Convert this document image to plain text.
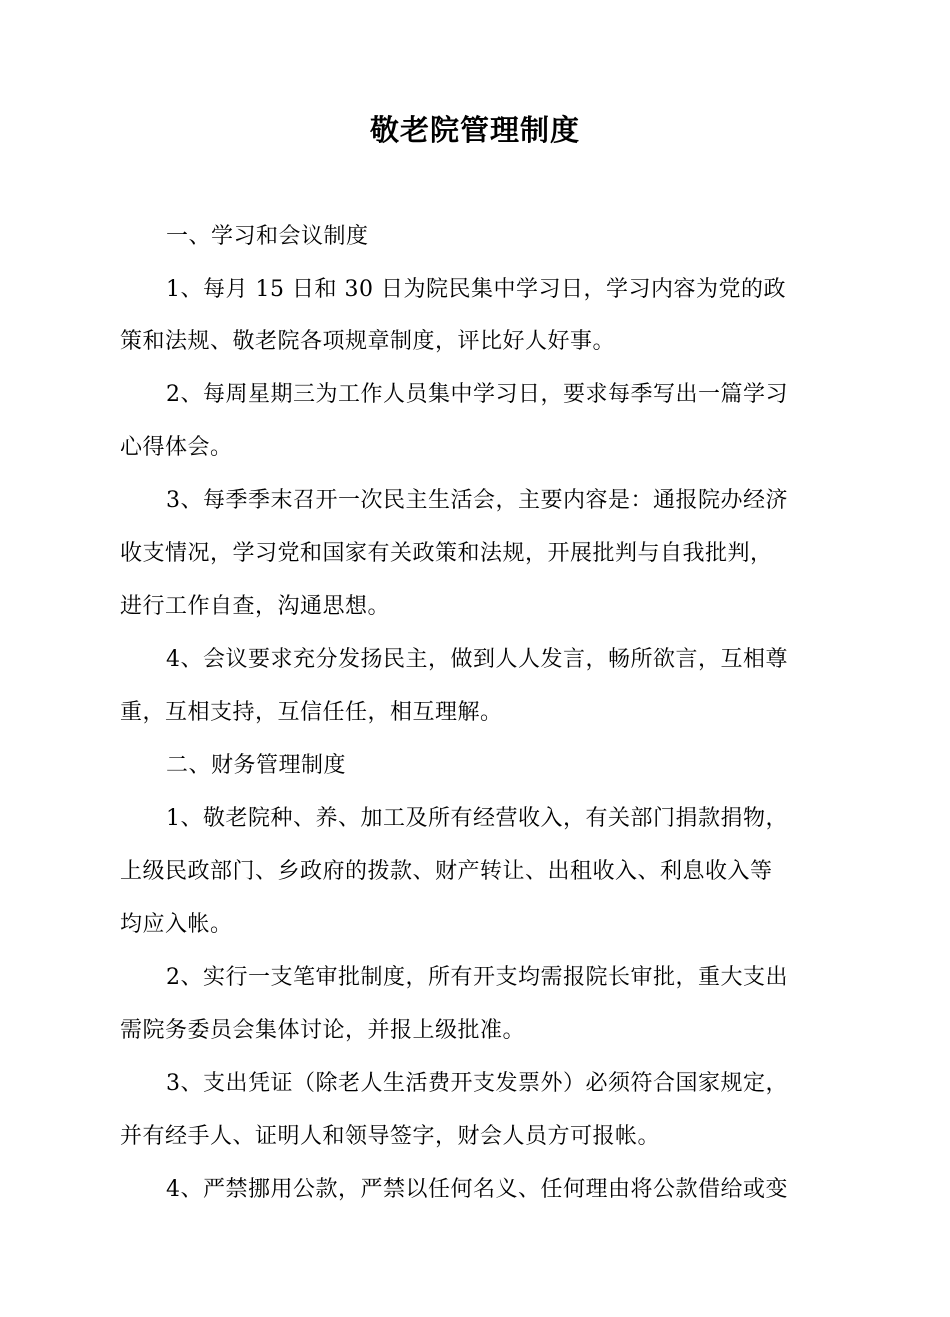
敬老院管理制度
一、学习和会议制度
1、每月 15 日和 30 日为院民集中学习日，学习内容为党的政
策和法规、敬老院各项规章制度，评比好人好事。
2、每周星期三为工作人员集中学习日，要求每季写出一篇学习
心得体会。
3、每季季末召开一次民主生活会，主要内容是：通报院办经济
收支情况，学习党和国家有关政策和法规，开展批判与自我批判，
进行工作自查，沟通思想。
4、会议要求充分发扬民主，做到人人发言，畅所欲言，互相尊
重，互相支持，互信任任，相互理解。
二、财务管理制度
1、敬老院种、养、加工及所有经营收入，有关部门捐款捐物，
上级民政部门、乡政府的拨款、财产转让、出租收入、利息收入等
均应入帐。
2、实行一支笔审批制度，所有开支均需报院长审批，重大支出
需院务委员会集体讨论，并报上级批准。
3、支出凭证（除老人生活费开支发票外）必须符合国家规定，
并有经手人、证明人和领导签字，财会人员方可报帐。
4、严禁挪用公款，严禁以任何名义、任何理由将公款借给或变
